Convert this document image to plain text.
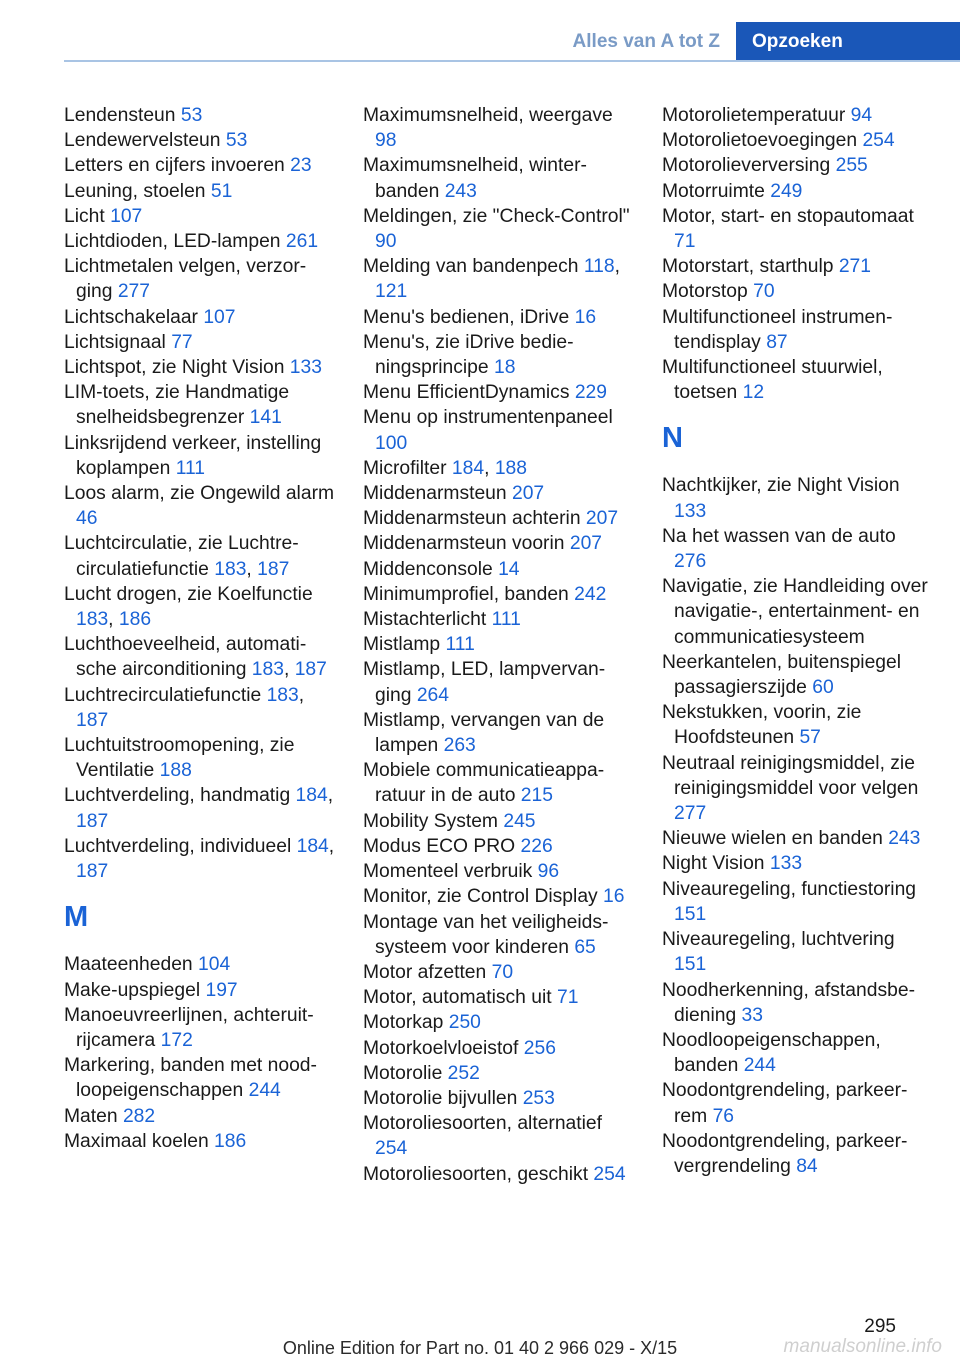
Alles van A tot Z	Opzoeken
Lendensteun 53
Lendewervelsteun 53
Letters en cijfers invoeren 23
Leuning, stoelen 51
Licht 107
Lichtdioden, LED-lampen 261
Lichtmetalen velgen, verzorging 277
Lichtschakelaar 107
Lichtsignaal 77
Lichtspot, zie Night Vision 133
LIM-toets, zie Handmatige snelheidsbegrenzer 141
Linksrijdend verkeer, instelling koplampen 111
Loos alarm, zie Ongewild alarm 46
Luchtcirculatie, zie Luchtrecirculatiefunctie 183, 187
Lucht drogen, zie Koelfunctie 183, 186
Luchthoeveelheid, automatische airconditioning 183, 187
Luchtrecirculatiefunctie 183, 187
Luchtuitstroomopening, zie Ventilatie 188
Luchtverdeling, handmatig 184, 187
Luchtverdeling, individueel 184, 187
M
Maateenheden 104
Make-upspiegel 197
Manoeuvreerlijnen, achteruitrijcamera 172
Markering, banden met noodloopeigenschappen 244
Maten 282
Maximaal koelen 186
Maximumsnelheid, weergave 98
Maximumsnelheid, winterbanden 243
Meldingen, zie "Check-Control" 90
Melding van bandenpech 118, 121
Menu's bedienen, iDrive 16
Menu's, zie iDrive bedieningsprincipe 18
Menu EfficientDynamics 229
Menu op instrumentenpaneel 100
Microfilter 184, 188
Middenarmsteun 207
Middenarmsteun achterin 207
Middenarmsteun voorin 207
Middenconsole 14
Minimumprofiel, banden 242
Mistachterlicht 111
Mistlamp 111
Mistlamp, LED, lampvervanging 264
Mistlamp, vervangen van de lampen 263
Mobiele communicatieapparatuur in de auto 215
Mobility System 245
Modus ECO PRO 226
Momenteel verbruik 96
Monitor, zie Control Display 16
Montage van het veiligheidssysteem voor kinderen 65
Motor afzetten 70
Motor, automatisch uit 71
Motorkap 250
Motorkoelvloeistof 256
Motorolie 252
Motorolie bijvullen 253
Motoroliesoorten, alternatief 254
Motoroliesoorten, geschikt 254
Motorolietemperatuur 94
Motorolietoevoegingen 254
Motorolieverversing 255
Motorruimte 249
Motor, start- en stopautomaat 71
Motorstart, starthulp 271
Motorstop 70
Multifunctioneel instrumentendisplay 87
Multifunctioneel stuurwiel, toetsen 12
N
Nachtkijker, zie Night Vision 133
Na het wassen van de auto 276
Navigatie, zie Handleiding over navigatie-, entertainment- en communicatiesysteem
Neerkantelen, buitenspiegel passagierszijde 60
Nekstukken, voorin, zie Hoofdsteunen 57
Neutraal reinigingsmiddel, zie reinigingsmiddel voor velgen 277
Nieuwe wielen en banden 243
Night Vision 133
Niveauregeling, functiestoring 151
Niveauregeling, luchtvering 151
Noodherkenning, afstandsbediening 33
Noodloopeigenschappen, banden 244
Noodontgrendeling, parkeerrem 76
Noodontgrendeling, parkeervergrendeling 84
295
Online Edition for Part no. 01 40 2 966 029 - X/15	manualsonline.info
